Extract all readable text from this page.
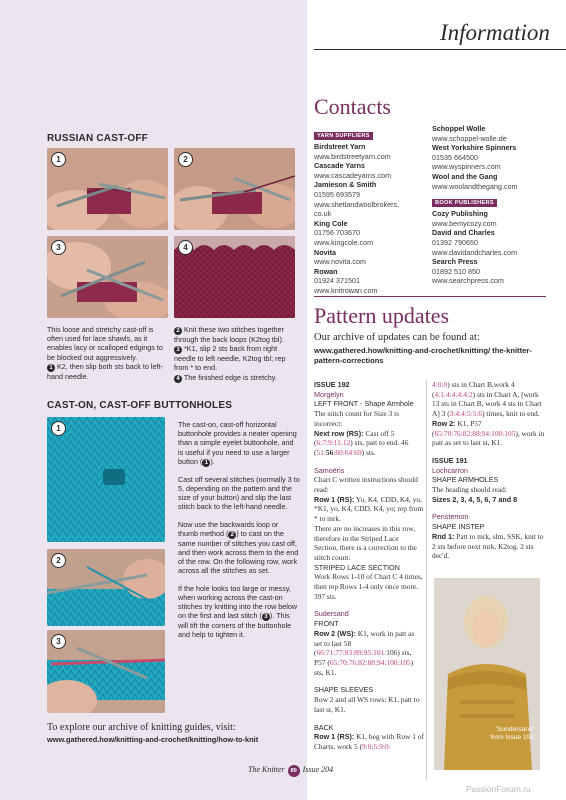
Information
RUSSIAN CAST-OFF
1	2
3	4
This loose and stretchy cast-off is often used for lace shawls, as it enables lacy or scalloped edgings to be blocked out aggressively.
1 K2, then slip both sts back to left-hand needle.
2 Knit these two stitches together through the back loops (K2tog tbl).
3 *K1, slip 2 sts back from right needle to left needle, K2tog tbl; rep from * to end.
4 The finished edge is stretchy.
CAST-ON, CAST-OFF BUTTONHOLES
1
2
3

The cast-on, cast-off horizontal buttonhole provides a neater opening than a simple eyelet buttonhole, and is useful if you need to use a larger button ( 1 ).

Cast off several stitches (normally 3 to 5, depending on the pattern and the size of your button) and slip the last stitch back to the left-hand needle.

Now use the backwards loop or thumb method ( 2 ) to cast on the same number of stitches you cast off, and then work across them to the end of the row. On the following row, work across all the stitches as set.

If the hole looks too large or messy, when working across the cast-on stitches try knitting into the row below on the first and last stitch ( 3 ). This will tift the corners of the buttonhole and help to tighten it.

To explore our archive of knitting guides, visit:
www.gathered.how/knitting-and-crochet/knitting/how-to-knit
Contacts
YARN SUPPLIERS
Birdstreet Yarn
www.birdstreetyarn.com
Cascade Yarns
www.cascadeyarns.com
Jamieson & Smith
01595 693579
www.shetlandwoolbrokers.
co.uk
King Cole
01756 703670
www.kingcole.com
Novita
www.novita.com
Rowan
01924 371501
www.knitrowan.com
Schoppel Wolle
www.schoppel-wolle.de
West Yorkshire Spinners
01535 664500
www.wyspinners.com
Wool and the Gang
www.woolandthegang.com
BOOK PUBLISHERS
Cozy Publishing
www.bemycozy.com
David and Charles
01392 790650
www.davidandcharles.com
Search Press
01892 510 850
www.searchpress.com
Pattern updates
Our archive of updates can be found at:
www.gathered.how/knitting-and-crochet/knitting/ the-knitter-pattern-corrections
ISSUE 192
Morgelyn
LEFT FRONT - Shape Armhole
The stitch count for Size 3 is incorrect:
Next row (RS): Cast off 5 (6:7:9:11:12) sts, patt to end. 46 (51:56:60:64:69) sts.
Samoëns
Chart C written instructions should read:
Row 1 (RS): Yo, K4, CDD, K4, yo, *K1, yo, K4, CDD, K4, yo; rep from * to mrk.
There are no increases in this row, therefore in the Striped Lace Section, there is a correction to the stitch count:
STRIPED LACE SECTION
Work Rows 1-10 of Chart C 4 times, then rep Rows 1-4 only once more. 397 sts.
Sudersand
FRONT
Row 2 (WS): K1, work in patt as set to last 58 (66:71:77:83:89:95:101:106) sts, P57 (65:70:76:82:88:94:100:105) sts, K1.
SHAPE SLEEVES
Row 2 and all WS rows: K1, patt to last st, K1.
BACK
Row 1 (RS): K1, beg with Row 1 of Charts, work 5 (9:0:5:9:0:
4:0:0) sts in Chart B,work 4 (4:1:4:4:4:4:2) sts in Chart A, [work 13 sts in Chart B, work 4 sts in Chart A] 3 (3:4:4:5:5:6) times, knit to end.
Row 2: K1, P57 (65:70:76:82:88:94:100:105), work in patt as set to last st, K1.
ISSUE 191
Lochcarron
SHAPE ARMHOLES
The heading should read:
Sizes 2, 3, 4, 5, 6, 7 and 8
Penstemon
SHAPE INSTEP
Rnd 1: Patt to mrk, slm, SSK, knit to 2 sts before next mrk, K2tog. 2 sts dec'd.
'Sundersand'
from Issue 192
The Knitter 89 Issue 204
PassionForum.ru
